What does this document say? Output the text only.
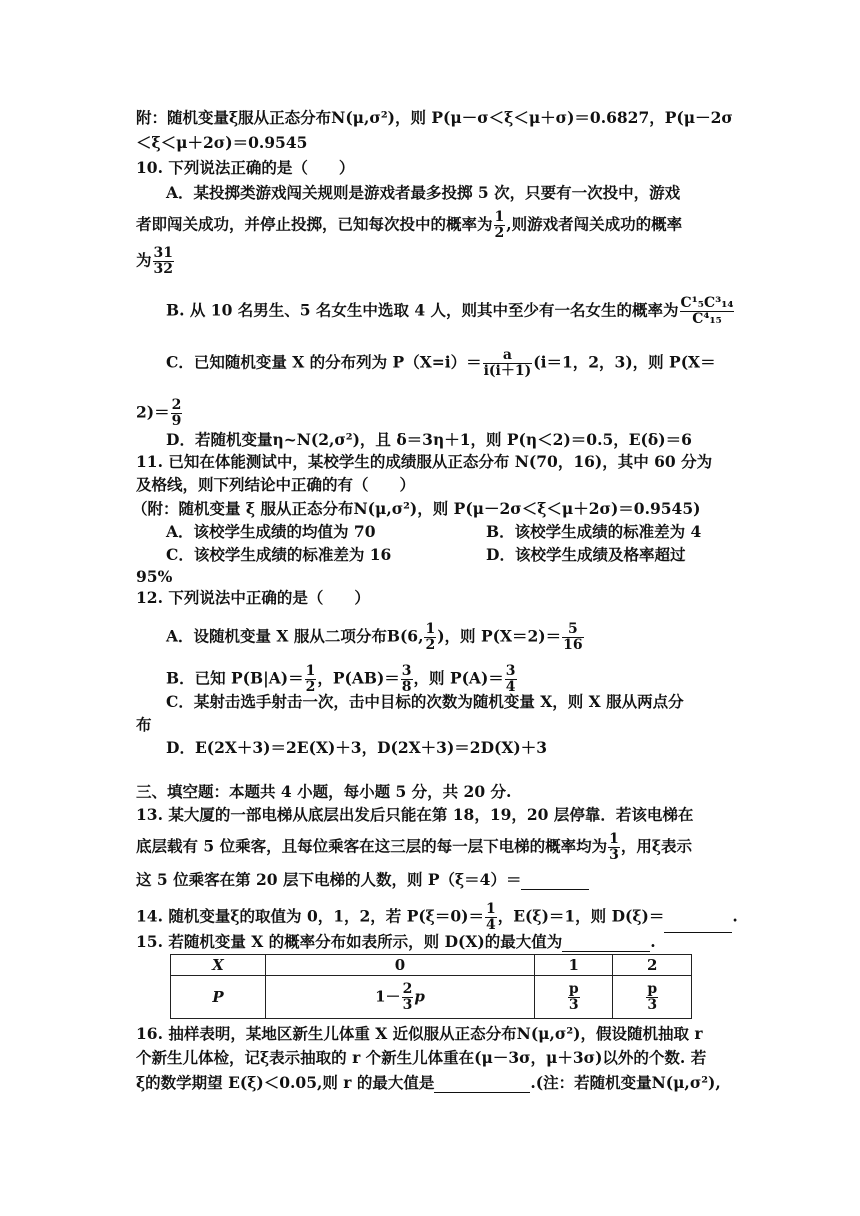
附：随机变量ξ服从正态分布N(μ,σ²)，则 P(μ－σ＜ξ＜μ＋σ)＝0.6827，P(μ－2σ
＜ξ＜μ＋2σ)＝0.9545
10. 下列说法正确的是（　　）
A．某投掷类游戏闯关规则是游戏者最多投掷 5 次，只要有一次投中，游戏
者即闯关成功，并停止投掷，已知每次投中的概率为 $\frac{1}{2}$ ,则游戏者闯关成功的概率
为 $\frac{31}{32}$
B. 从 10 名男生、5 名女生中选取 4 人，则其中至少有一名女生的概率为 $\frac{\text{C¹₅C³₁₄}}{\text{C⁴₁₅}}$
C．已知随机变量 X 的分布列为 $P(X=i)= \frac{a}{i(i+1)} (i=1$，2，3)，则 P(X＝
$2)= \frac{2}{9}$
D．若随机变量η~N(2,σ²)，且 δ＝3η＋1，则 P(η＜2)＝0.5，E(δ)＝6
11. 已知在体能测试中，某校学生的成绩服从正态分布 N(70，16)，其中 60 分为
及格线，则下列结论中正确的有（　　）
（附：随机变量 ξ 服从正态分布N(μ,σ²)，则 P(μ－2σ＜ξ＜μ＋2σ)＝0.9545)
A．该校学生成绩的均值为 70	B．该校学生成绩的标准差为 4
C．该校学生成绩的标准差为 16	D．该校学生成绩及格率超过
95%
12. 下列说法中正确的是（　　）
A．设随机变量 X 服从二项分布B(6, $\frac{1}{2}$ )，则 $P(X=2)= \frac{5}{16}$
B．已知 $P(B|A)= \frac{1}{2}$ ，$P(AB)= \frac{3}{8}$ ，则 $P(A)= \frac{3}{4}$
C．某射击选手射击一次，击中目标的次数为随机变量 X，则 X 服从两点分
布
D．E(2X＋3)＝2E(X)＋3，D(2X＋3)＝2D(X)＋3
三、填空题：本题共 4 小题，每小题 5 分，共 20 分.
13. 某大厦的一部电梯从底层出发后只能在第 18，19，20 层停靠．若该电梯在
底层载有 5 位乘客，且每位乘客在这三层的每一层下电梯的概率均为 $\frac{1}{3}$ ，用ξ表示
这 5 位乘客在第 20 层下电梯的人数，则 P（ξ＝4）＝
14. 随机变量ξ的取值为 0，1，2，若 $P(\xi=0)= \frac{1}{4}$ ，E(ξ)＝1，则 D(ξ)＝	.
15. 若随机变量 X 的概率分布如表所示，则 D(X)的最大值为	.
X	0	1	2
P	$1- \frac{2}{3}$ p	$\frac{p}{3}$	$\frac{p}{3}$
16. 抽样表明，某地区新生儿体重 X 近似服从正态分布N(μ,σ²)，假设随机抽取 r
个新生儿体检，记ξ表示抽取的 r 个新生儿体重在(μ－3σ，μ＋3σ)以外的个数. 若
ξ的数学期望 E(ξ)＜0.05,则 r 的最大值是	.(注：若随机变量N(μ,σ²),
